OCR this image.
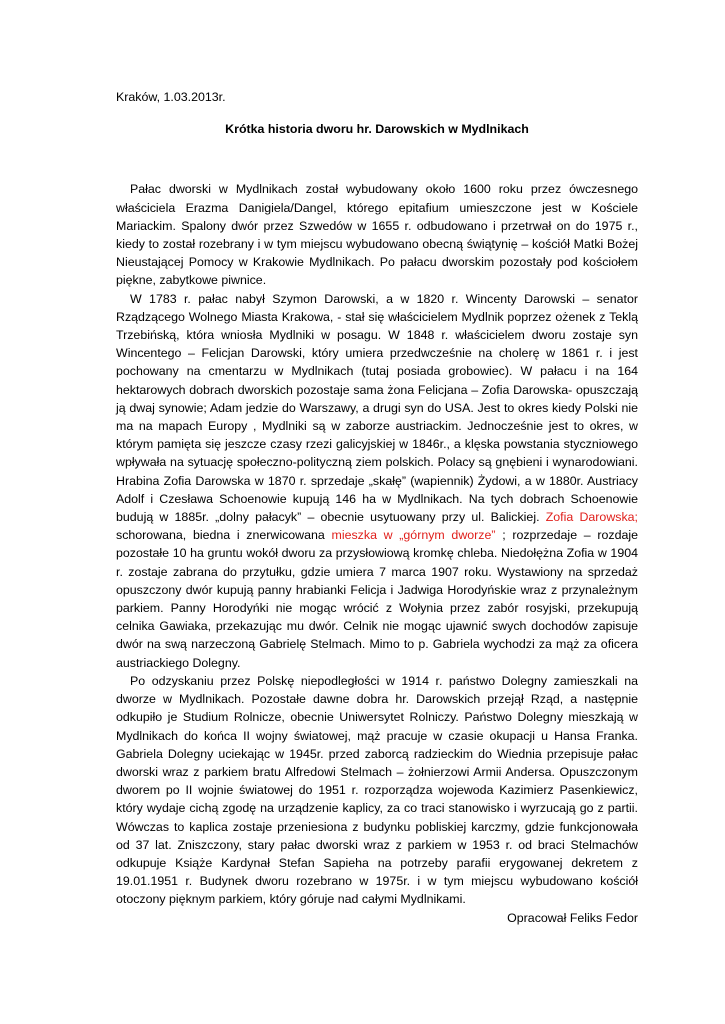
Kraków, 1.03.2013r.

Krótka historia dworu hr. Darowskich w Mydlnikach

Pałac dworski w Mydlnikach został wybudowany około 1600 roku przez ówczesnego właściciela Erazma Danigiela/Dangel, którego epitafium umieszczone jest w Kościele Mariackim. Spalony dwór przez Szwedów w 1655 r. odbudowano i przetrwał on do 1975 r., kiedy to został rozebrany i w tym miejscu wybudowano obecną świątynię – kościół Matki Bożej Nieustającej Pomocy w Krakowie Mydlnikach. Po pałacu dworskim pozostały pod kościołem piękne, zabytkowe piwnice.

W 1783 r. pałac nabył Szymon Darowski, a w 1820 r. Wincenty Darowski – senator Rządzącego Wolnego Miasta Krakowa, - stał się właścicielem Mydlnik poprzez ożenek z Teklą Trzebińską, która wniosła Mydlniki w posagu. W 1848 r. właścicielem dworu zostaje syn Wincentego – Felicjan Darowski, który umiera przedwcześnie na cholerę w 1861 r. i jest pochowany na cmentarzu w Mydlnikach (tutaj posiada grobowiec). W pałacu i na 164 hektarowych dobrach dworskich pozostaje sama żona Felicjana – Zofia Darowska- opuszczają ją dwaj synowie; Adam jedzie do Warszawy, a drugi syn do USA. Jest to okres kiedy Polski nie ma na mapach Europy , Mydlniki są w zaborze austriackim. Jednocześnie jest to okres, w którym pamięta się jeszcze czasy rzezi galicyjskiej w 1846r., a klęska powstania styczniowego wpływała na sytuację społeczno-polityczną ziem polskich. Polacy są gnębieni i wynarodowiani. Hrabina Zofia Darowska w 1870 r. sprzedaje „skałę” (wapiennik) Żydowi, a w 1880r. Austriacy Adolf i Czesława Schoenowie kupują 146 ha w Mydlnikach. Na tych dobrach Schoenowie budują w 1885r. „dolny pałacyk” – obecnie usytuowany przy ul. Balickiej. Zofia Darowska; schorowana, biedna i znerwicowana mieszka w „górnym dworze” ; rozprzedaje – rozdaje pozostałe 10 ha gruntu wokół dworu za przysłowiową kromkę chleba. Niedołężna Zofia w 1904 r. zostaje zabrana do przytułku, gdzie umiera 7 marca 1907 roku. Wystawiony na sprzedaż opuszczony dwór kupują panny hrabianki Felicja i Jadwiga Horodyńskie wraz z przynależnym parkiem. Panny Horodyńki nie mogąc wrócić z Wołynia przez zabór rosyjski, przekupują celnika Gawiaka, przekazując mu dwór. Celnik nie mogąc ujawnić swych dochodów zapisuje dwór na swą narzeczoną Gabrielę Stelmach. Mimo to p. Gabriela wychodzi za mąż za oficera austriackiego Dolegny.

Po odzyskaniu przez Polskę niepodległości w 1914 r. państwo Dolegny zamieszkali na dworze w Mydlnikach. Pozostałe dawne dobra hr. Darowskich przejął Rząd, a następnie odkupiło je Studium Rolnicze, obecnie Uniwersytet Rolniczy. Państwo Dolegny mieszkają w Mydlnikach do końca II wojny światowej, mąż pracuje w czasie okupacji u Hansa Franka. Gabriela Dolegny uciekając w 1945r. przed zaborcą radzieckim do Wiednia przepisuje pałac dworski wraz z parkiem bratu Alfredowi Stelmach – żołnierzowi Armii Andersa. Opuszczonym dworem po II wojnie światowej do 1951 r. rozporządza wojewoda Kazimierz Pasenkiewicz, który wydaje cichą zgodę na urządzenie kaplicy, za co traci stanowisko i wyrzucają go z partii. Wówczas to kaplica zostaje przeniesiona z budynku pobliskiej karczmy, gdzie funkcjonowała od 37 lat. Zniszczony, stary pałac dworski wraz z parkiem w 1953 r. od braci Stelmachów odkupuje Książe Kardynał Stefan Sapieha na potrzeby parafii erygowanej dekretem z 19.01.1951 r. Budynek dworu rozebrano w 1975r. i w tym miejscu wybudowano kościół otoczony pięknym parkiem, który góruje nad całymi Mydlnikami.

Opracował Feliks Fedor
